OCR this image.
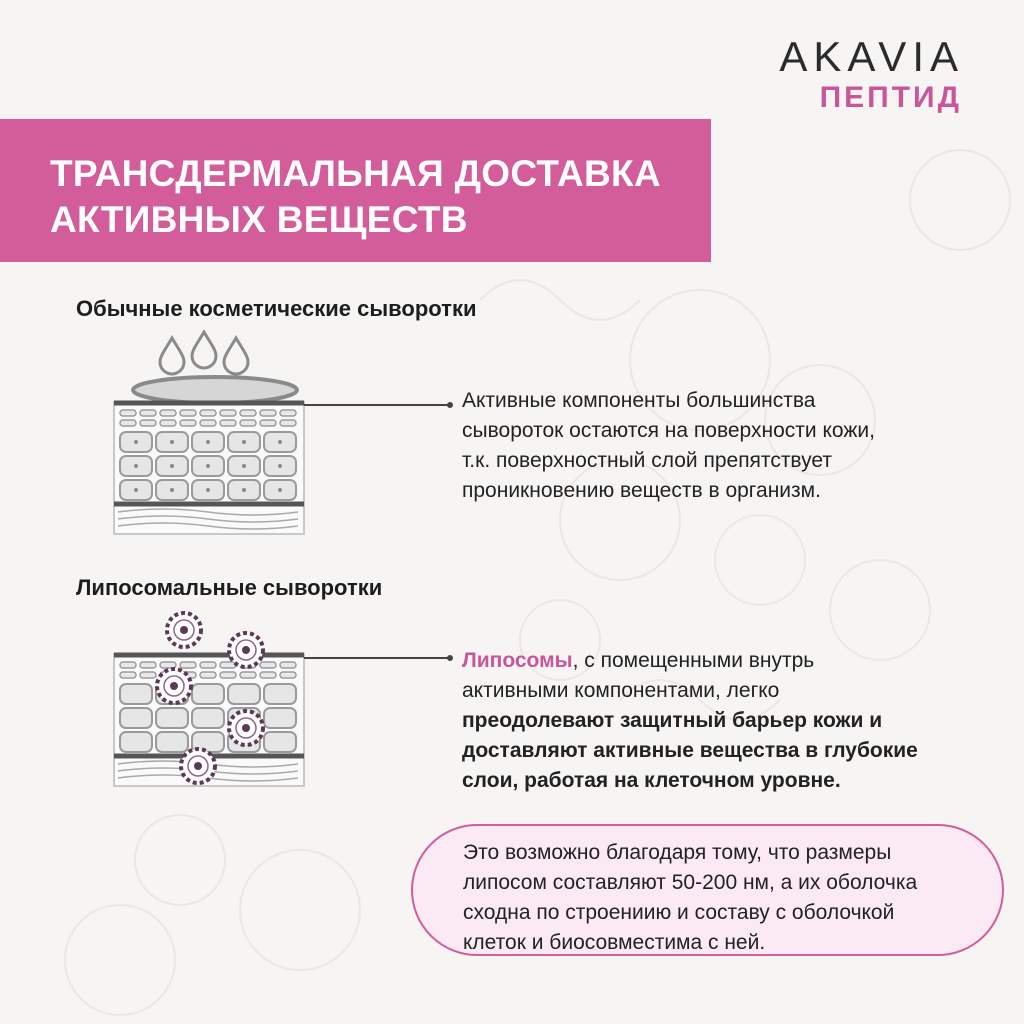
AKAVIA
ПЕПТИД
ТРАНСДЕРМАЛЬНАЯ ДОСТАВКА
АКТИВНЫХ ВЕЩЕСТВ
Обычные косметические сыворотки
Активные компоненты большинства
сывороток остаются на поверхности кожи,
т.к. поверхностный слой препятствует
проникновению веществ в организм.
Липосомальные сыворотки
Липосомы, с помещенными внутрь
активными компонентами, легко
преодолевают защитный барьер кожи и
доставляют активные вещества в глубокие
слои, работая на клеточном уровне.
Это возможно благодаря тому, что размеры
липосом составляют 50-200 нм, а их оболочка
сходна по строениию и составу с оболочкой
клеток и биосовместима с ней.
